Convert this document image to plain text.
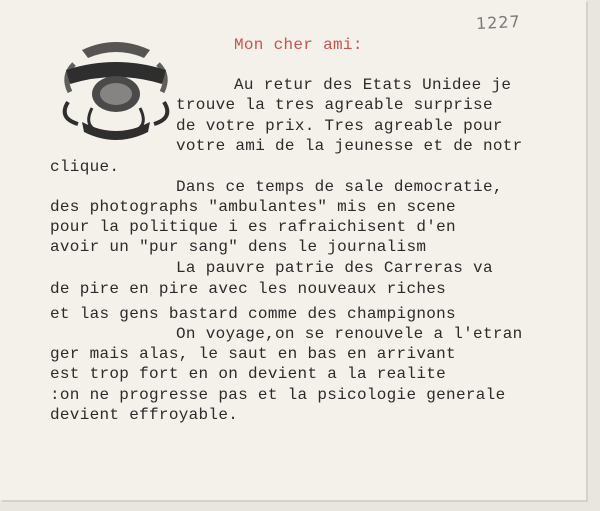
1227
Mon cher ami:
Au retur des Etats Unidee je
trouve la tres agreable surprise
de votre prix. Tres agreable pour
votre ami de la jeunesse et de notr
clique.
Dans ce temps de sale democratie,
des photographs "ambulantes" mis en scene
pour la politique i es rafraichisent d'en
avoir un "pur sang" dens le journalism
La pauvre patrie des Carreras va
de pire en pire avec les nouveaux riches
et las gens bastard comme des champignons
On voyage,on se renouvele a l'etran
ger mais alas, le saut en bas en arrivant
est trop fort en on devient a la realite
:on ne progresse pas et la psicologie generale
devient effroyable.
